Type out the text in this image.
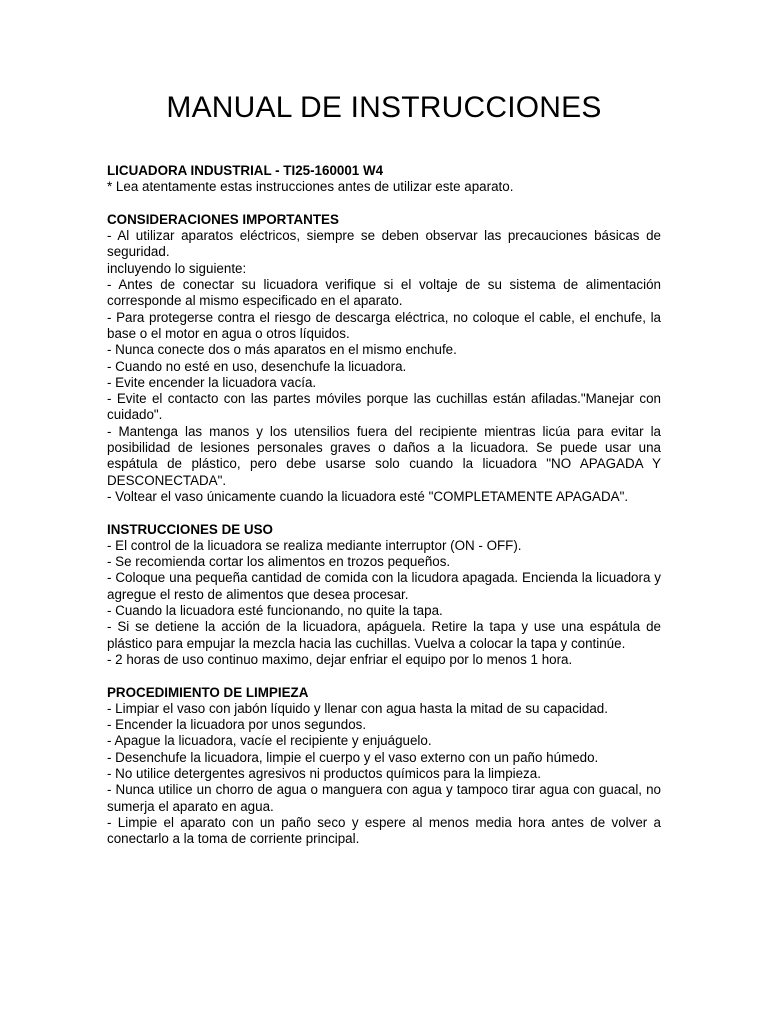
MANUAL DE INSTRUCCIONES

LICUADORA INDUSTRIAL - TI25-160001 W4

* Lea atentamente estas instrucciones antes de utilizar este aparato.

CONSIDERACIONES IMPORTANTES

- Al utilizar aparatos eléctricos, siempre se deben observar las precauciones básicas de seguridad.

incluyendo lo siguiente:

- Antes de conectar su licuadora verifique si el voltaje de su sistema de alimentación corresponde al mismo especificado en el aparato.

- Para protegerse contra el riesgo de descarga eléctrica, no coloque el cable, el enchufe, la base o el motor en agua o otros líquidos.

- Nunca conecte dos o más aparatos en el mismo enchufe.

- Cuando no esté en uso, desenchufe la licuadora.

- Evite encender la licuadora vacía.

- Evite el contacto con las partes móviles porque las cuchillas están afiladas."Manejar con cuidado".

- Mantenga las manos y los utensilios fuera del recipiente mientras licúa para evitar la posibilidad de lesiones personales graves o daños a la licuadora. Se puede usar una espátula de plástico, pero debe usarse solo cuando la licuadora "NO APAGADA Y DESCONECTADA".

- Voltear el vaso únicamente cuando la licuadora esté "COMPLETAMENTE APAGADA".

INSTRUCCIONES DE USO

- El control de la licuadora se realiza mediante interruptor (ON - OFF).

- Se recomienda cortar los alimentos en trozos pequeños.

- Coloque una pequeña cantidad de comida con la licudora apagada. Encienda la licuadora y agregue el resto de alimentos que desea procesar.

- Cuando la licuadora esté funcionando, no quite la tapa.

- Si se detiene la acción de la licuadora, apáguela. Retire la tapa y use una espátula de plástico para empujar la mezcla hacia las cuchillas. Vuelva a colocar la tapa y continúe.

- 2 horas de uso continuo maximo, dejar enfriar el equipo por lo menos 1 hora.

PROCEDIMIENTO DE LIMPIEZA

- Limpiar el vaso con jabón líquido y llenar con agua hasta la mitad de su capacidad.

- Encender la licuadora por unos segundos.

- Apague la licuadora, vacíe el recipiente y enjuáguelo.

- Desenchufe la licuadora, limpie el cuerpo y el vaso externo con un paño húmedo.

- No utilice detergentes agresivos ni productos químicos para la limpieza.

- Nunca utilice un chorro de agua o manguera con agua y tampoco tirar agua con guacal, no sumerja el aparato en agua.

- Limpie el aparato con un paño seco y espere al menos media hora antes de volver a conectarlo a la toma de corriente principal.
